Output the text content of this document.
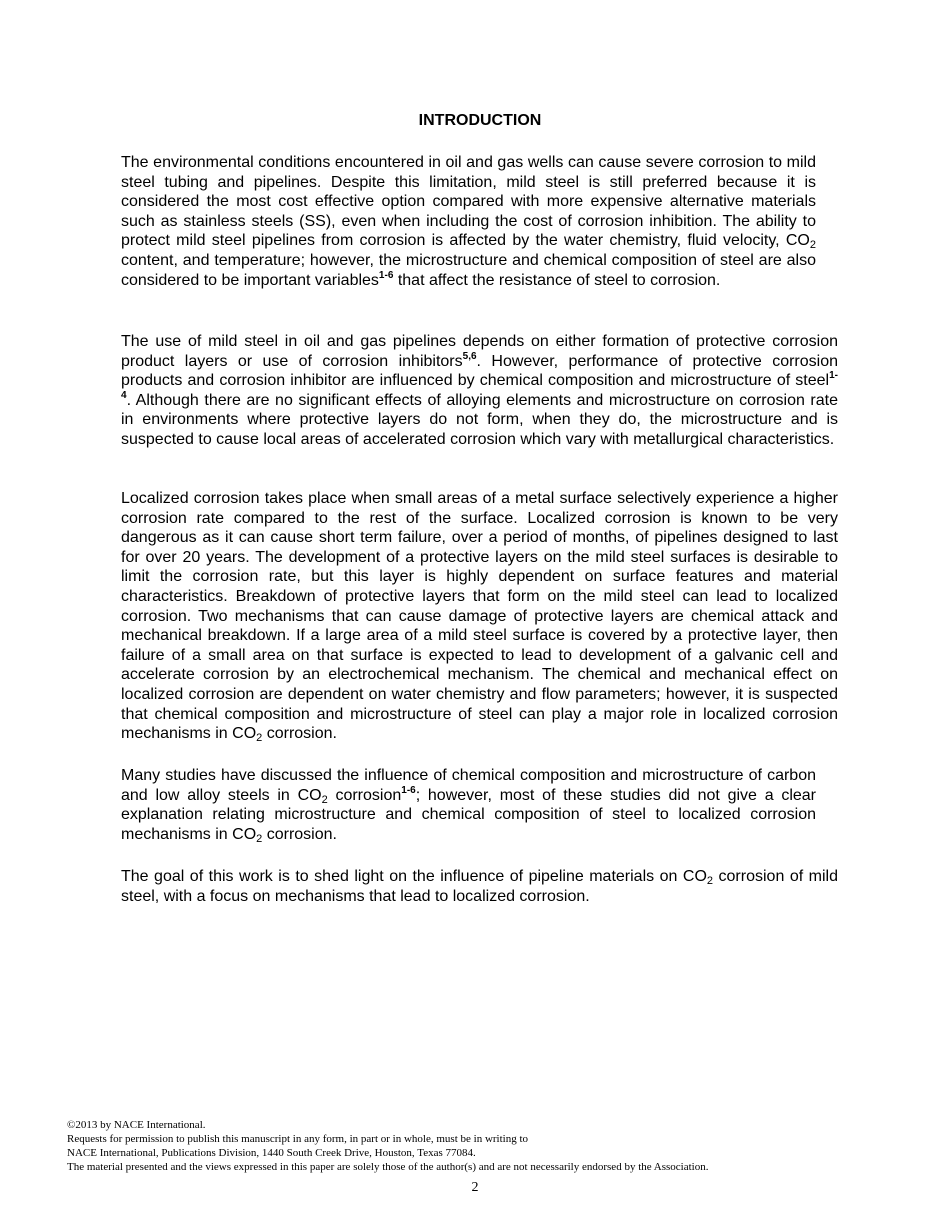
INTRODUCTION

The environmental conditions encountered in oil and gas wells can cause severe corrosion to mild steel tubing and pipelines. Despite this limitation, mild steel is still preferred because it is considered the most cost effective option compared with more expensive alternative materials such as stainless steels (SS), even when including the cost of corrosion inhibition. The ability to protect mild steel pipelines from corrosion is affected by the water chemistry, fluid velocity, $CO_2$ content, and temperature; however, the microstructure and chemical composition of steel are also considered to be important variables$^{1-6}$ that affect the resistance of steel to corrosion.

The use of mild steel in oil and gas pipelines depends on either formation of protective corrosion product layers or use of corrosion inhibitors$^{5,6}$. However, performance of protective corrosion products and corrosion inhibitor are influenced by chemical composition and microstructure of steel$^{1-4}$. Although there are no significant effects of alloying elements and microstructure on corrosion rate in environments where protective layers do not form, when they do, the microstructure and is suspected to cause local areas of accelerated corrosion which vary with metallurgical characteristics.

Localized corrosion takes place when small areas of a metal surface selectively experience a higher corrosion rate compared to the rest of the surface. Localized corrosion is known to be very dangerous as it can cause short term failure, over a period of months, of pipelines designed to last for over 20 years. The development of a protective layers on the mild steel surfaces is desirable to limit the corrosion rate, but this layer is highly dependent on surface features and material characteristics. Breakdown of protective layers that form on the mild steel can lead to localized corrosion. Two mechanisms that can cause damage of protective layers are chemical attack and mechanical breakdown. If a large area of a mild steel surface is covered by a protective layer, then failure of a small area on that surface is expected to lead to development of a galvanic cell and accelerate corrosion by an electrochemical mechanism. The chemical and mechanical effect on localized corrosion are dependent on water chemistry and flow parameters; however, it is suspected that chemical composition and microstructure of steel can play a major role in localized corrosion mechanisms in $CO_2$ corrosion.

Many studies have discussed the influence of chemical composition and microstructure of carbon and low alloy steels in $CO_2$ corrosion$^{1-6}$; however, most of these studies did not give a clear explanation relating microstructure and chemical composition of steel to localized corrosion mechanisms in $CO_2$ corrosion.

The goal of this work is to shed light on the influence of pipeline materials on $CO_2$ corrosion of mild steel, with a focus on mechanisms that lead to localized corrosion.

©2013 by NACE International.
Requests for permission to publish this manuscript in any form, in part or in whole, must be in writing to
NACE International, Publications Division, 1440 South Creek Drive, Houston, Texas 77084.
The material presented and the views expressed in this paper are solely those of the author(s) and are not necessarily endorsed by the Association.
2
